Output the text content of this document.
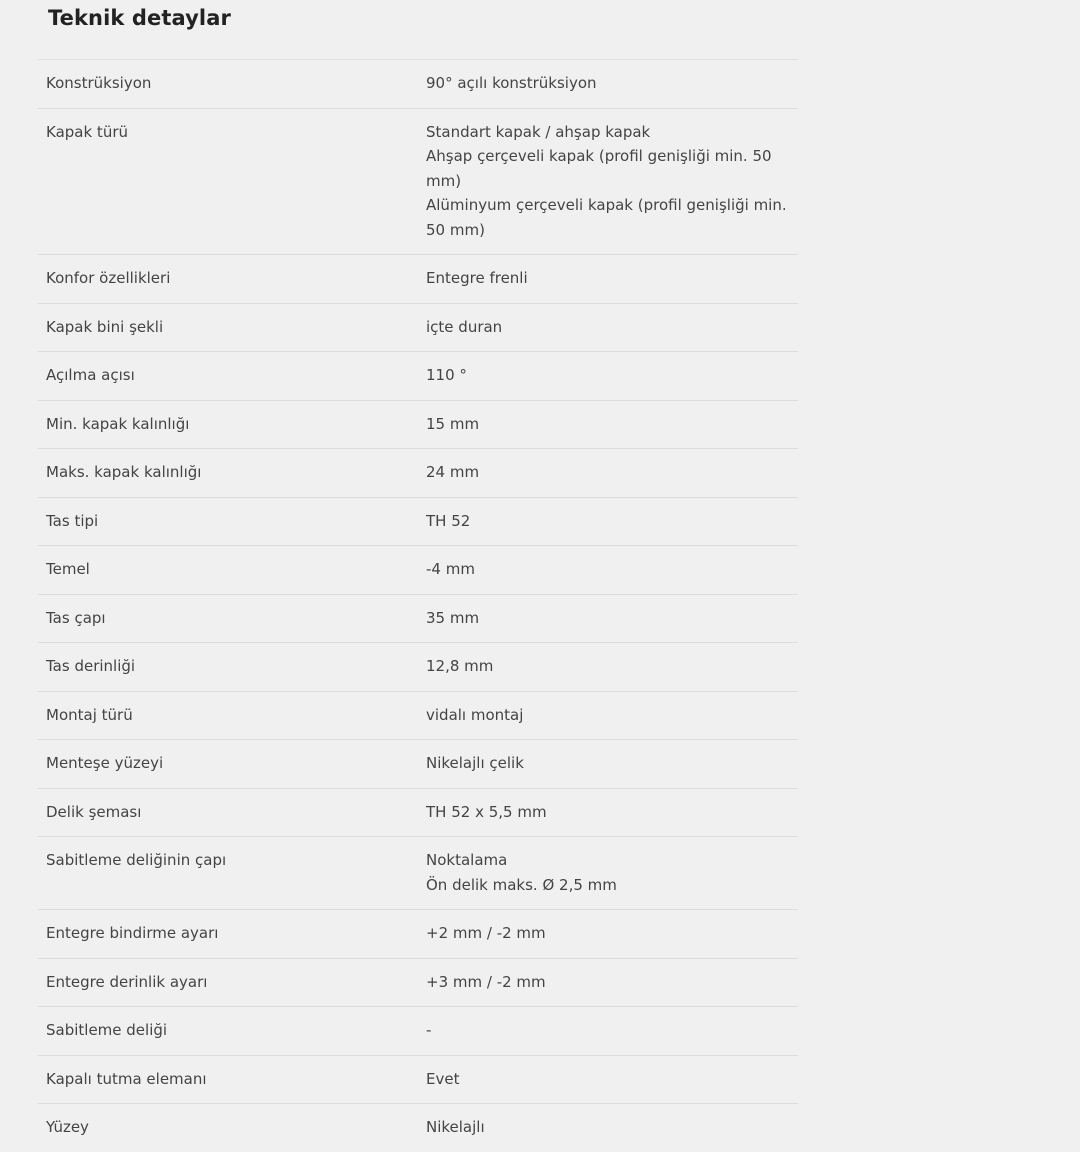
Teknik detaylar
Konstrüksiyon	90° açılı konstrüksiyon
Kapak türü	Standart kapak / ahşap kapak
Ahşap çerçeveli kapak (profil genişliği min. 50 mm)
Alüminyum çerçeveli kapak (profil genişliği min. 50 mm)
Konfor özellikleri	Entegre frenli
Kapak bini şekli	içte duran
Açılma açısı	110 °
Min. kapak kalınlığı	15 mm
Maks. kapak kalınlığı	24 mm
Tas tipi	TH 52
Temel	-4 mm
Tas çapı	35 mm
Tas derinliği	12,8 mm
Montaj türü	vidalı montaj
Menteşe yüzeyi	Nikelajlı çelik
Delik şeması	TH 52 x 5,5 mm
Sabitleme deliğinin çapı	Noktalama
Ön delik maks. Ø 2,5 mm
Entegre bindirme ayarı	+2 mm / -2 mm
Entegre derinlik ayarı	+3 mm / -2 mm
Sabitleme deliği	-
Kapalı tutma elemanı	Evet
Yüzey	Nikelajlı
